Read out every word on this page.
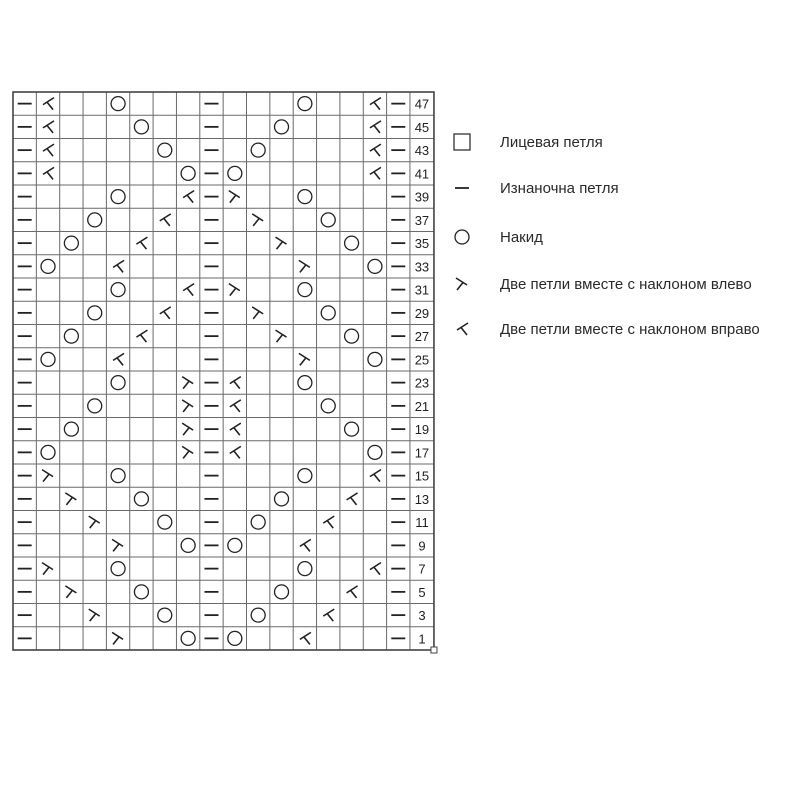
47
45
43
41
39
37
35
33
31
29
27
25
23
21
19
17
15
13
11
9
7
5
3
1
Лицевая петля
Изнаночна петля
Накид
Две петли вместе с наклоном влево
Две петли вместе с наклоном вправо
